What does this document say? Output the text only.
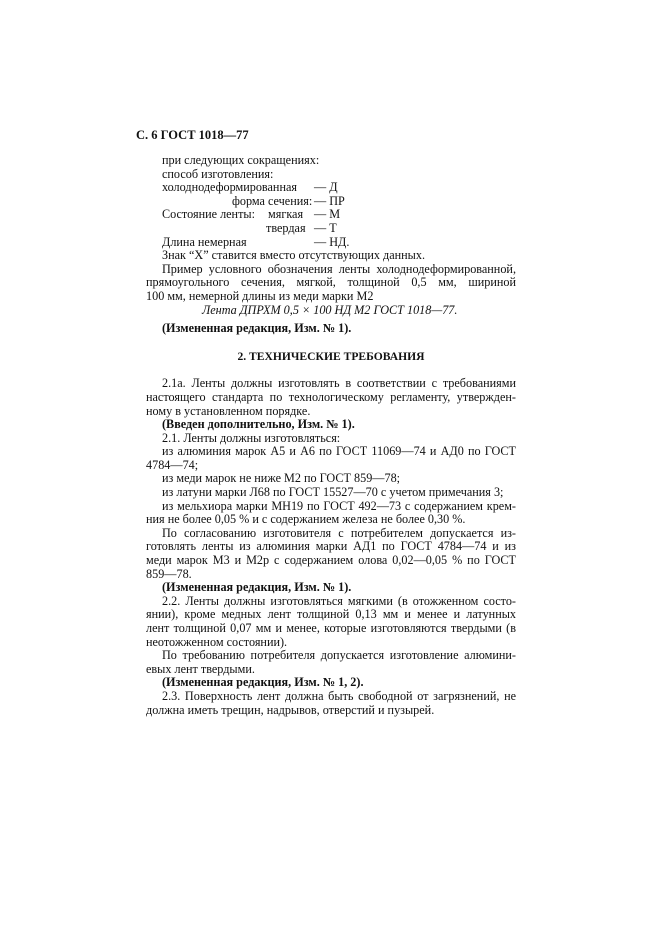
С. 6 ГОСТ 1018—77
при следующих сокращениях:
способ изготовления:
холоднодеформированная — Д
форма сечения: — ПР
Состояние ленты: мягкая — М
твердая — Т
Длина немерная	— НД.
Знак “X” ставится вместо отсутствующих данных.
Пример условного обозначения ленты холоднодеформированной,
прямоугольного сечения, мягкой, толщиной 0,5 мм, шириной
100 мм, немерной длины из меди марки М2
Лента ДПРХМ 0,5 × 100 НД М2 ГОСТ 1018—77.
(Измененная редакция, Изм. № 1).
2. ТЕХНИЧЕСКИЕ ТРЕБОВАНИЯ
2.1а. Ленты должны изготовлять в соответствии с требованиями
настоящего стандарта по технологическому регламенту, утвержден-
ному в установленном порядке.
(Введен дополнительно, Изм. № 1).
2.1. Ленты должны изготовляться:
из алюминия марок А5 и А6 по ГОСТ 11069—74 и АД0 по ГОСТ
4784—74;
из меди марок не ниже М2 по ГОСТ 859—78;
из латуни марки Л68 по ГОСТ 15527—70 с учетом примечания 3;
из мельхиора марки МН19 по ГОСТ 492—73 с содержанием крем-
ния не более 0,05 % и с содержанием железа не более 0,30 %.
По согласованию изготовителя с потребителем допускается из-
готовлять ленты из алюминия марки АД1 по ГОСТ 4784—74 и из
меди марок М3 и М2р с содержанием олова 0,02—0,05 % по ГОСТ
859—78.
(Измененная редакция, Изм. № 1).
2.2. Ленты должны изготовляться мягкими (в отожженном состо-
янии), кроме медных лент толщиной 0,13 мм и менее и латунных
лент толщиной 0,07 мм и менее, которые изготовляются твердыми (в
неотожженном состоянии).
По требованию потребителя допускается изготовление алюмини-
евых лент твердыми.
(Измененная редакция, Изм. № 1, 2).
2.3. Поверхность лент должна быть свободной от загрязнений, не
должна иметь трещин, надрывов, отверстий и пузырей.
